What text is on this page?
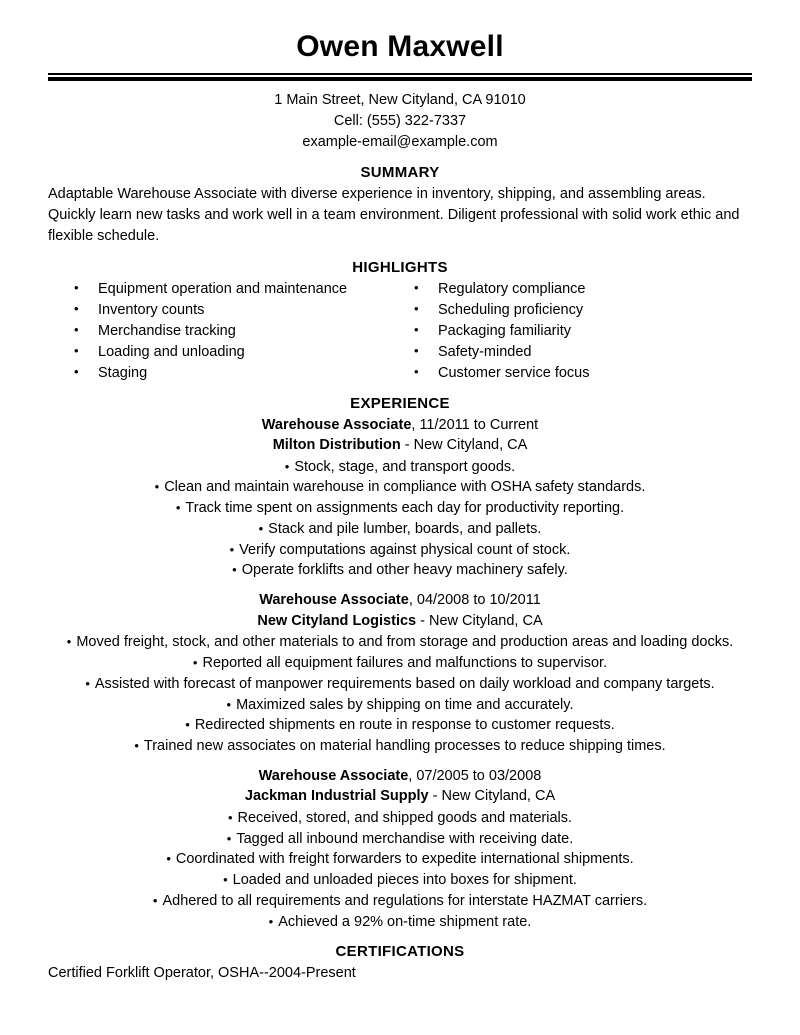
Owen Maxwell
1 Main Street, New Cityland, CA 91010
Cell: (555) 322-7337
example-email@example.com
SUMMARY
Adaptable Warehouse Associate with diverse experience in inventory, shipping, and assembling areas. Quickly learn new tasks and work well in a team environment. Diligent professional with solid work ethic and flexible schedule.
HIGHLIGHTS
• Equipment operation and maintenance
• Inventory counts
• Merchandise tracking
• Loading and unloading
• Staging
• Regulatory compliance
• Scheduling proficiency
• Packaging familiarity
• Safety-minded
• Customer service focus
EXPERIENCE
Warehouse Associate, 11/2011 to Current
Milton Distribution - New Cityland, CA
• Stock, stage, and transport goods.
• Clean and maintain warehouse in compliance with OSHA safety standards.
• Track time spent on assignments each day for productivity reporting.
• Stack and pile lumber, boards, and pallets.
• Verify computations against physical count of stock.
• Operate forklifts and other heavy machinery safely.
Warehouse Associate, 04/2008 to 10/2011
New Cityland Logistics - New Cityland, CA
• Moved freight, stock, and other materials to and from storage and production areas and loading docks.
• Reported all equipment failures and malfunctions to supervisor.
• Assisted with forecast of manpower requirements based on daily workload and company targets.
• Maximized sales by shipping on time and accurately.
• Redirected shipments en route in response to customer requests.
• Trained new associates on material handling processes to reduce shipping times.
Warehouse Associate, 07/2005 to 03/2008
Jackman Industrial Supply - New Cityland, CA
• Received, stored, and shipped goods and materials.
• Tagged all inbound merchandise with receiving date.
• Coordinated with freight forwarders to expedite international shipments.
• Loaded and unloaded pieces into boxes for shipment.
• Adhered to all requirements and regulations for interstate HAZMAT carriers.
• Achieved a 92% on-time shipment rate.
CERTIFICATIONS
Certified Forklift Operator, OSHA--2004-Present
